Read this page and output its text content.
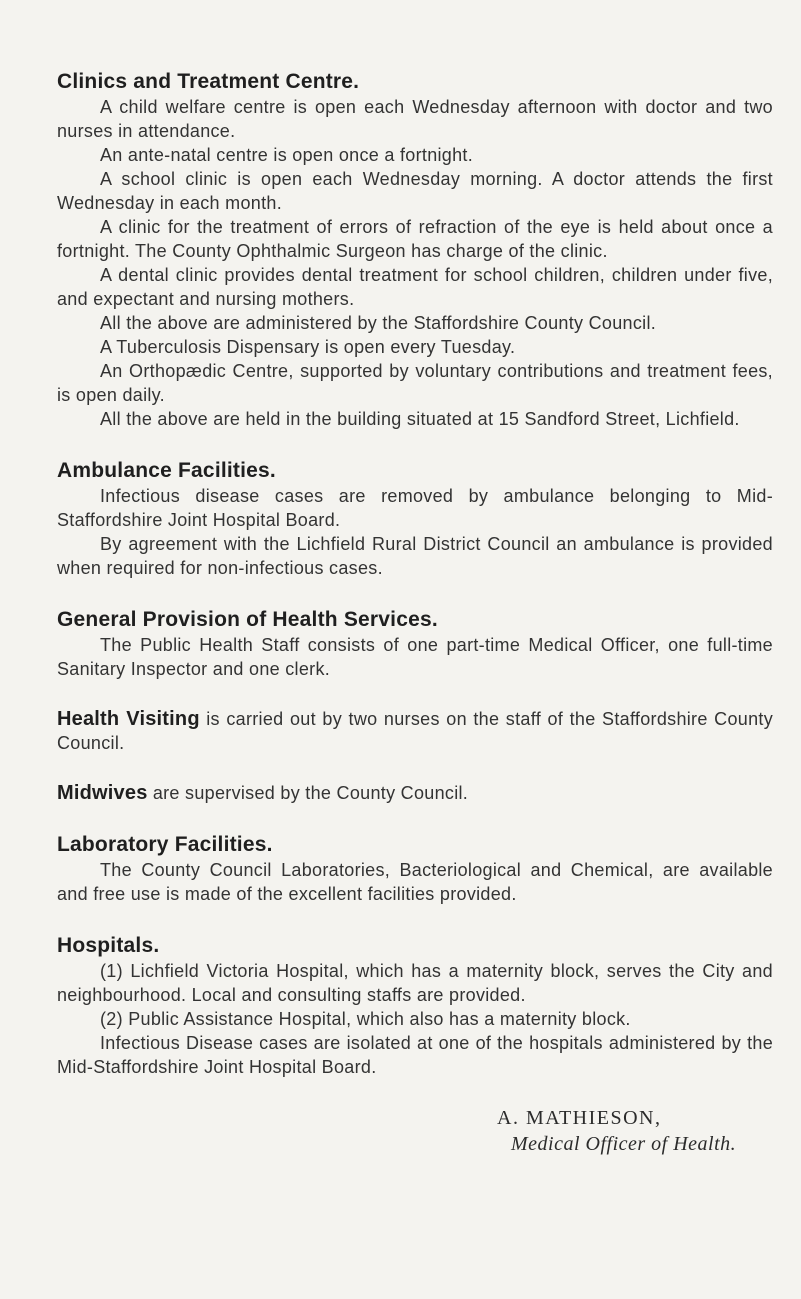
Clinics and Treatment Centre.

A child welfare centre is open each Wednesday afternoon with doctor and two nurses in attendance.

An ante-natal centre is open once a fortnight.

A school clinic is open each Wednesday morning. A doctor attends the first Wednesday in each month.

A clinic for the treatment of errors of refraction of the eye is held about once a fortnight. The County Ophthalmic Surgeon has charge of the clinic.

A dental clinic provides dental treatment for school children, children under five, and expectant and nursing mothers.

All the above are administered by the Staffordshire County Council.

A Tuberculosis Dispensary is open every Tuesday.

An Orthopædic Centre, supported by voluntary contributions and treatment fees, is open daily.

All the above are held in the building situated at 15 Sandford Street, Lichfield.

Ambulance Facilities.

Infectious disease cases are removed by ambulance belonging to Mid-Staffordshire Joint Hospital Board.

By agreement with the Lichfield Rural District Council an ambulance is provided when required for non-infectious cases.

General Provision of Health Services.

The Public Health Staff consists of one part-time Medical Officer, one full-time Sanitary Inspector and one clerk.

Health Visiting is carried out by two nurses on the staff of the Staffordshire County Council.

Midwives are supervised by the County Council.

Laboratory Facilities.

The County Council Laboratories, Bacteriological and Chemical, are available and free use is made of the excellent facilities provided.

Hospitals.

(1) Lichfield Victoria Hospital, which has a maternity block, serves the City and neighbourhood. Local and consulting staffs are provided.

(2) Public Assistance Hospital, which also has a maternity block.

Infectious Disease cases are isolated at one of the hospitals administered by the Mid-Staffordshire Joint Hospital Board.

A. MATHIESON,

Medical Officer of Health.
